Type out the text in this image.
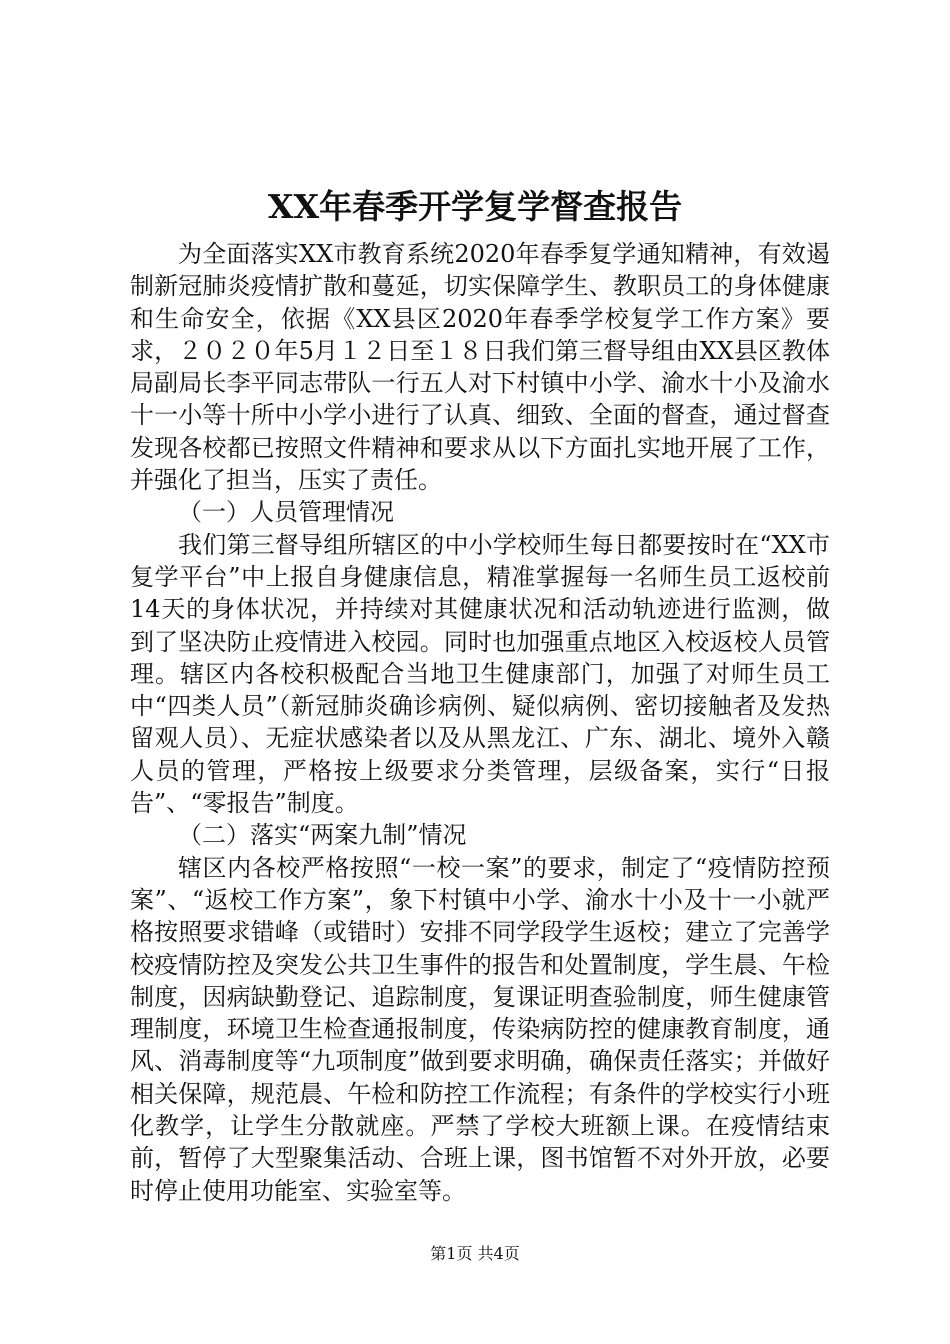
XX年春季开学复学督查报告

为全面落实XX市教育系统2020年春季复学通知精神，有效遏制新冠肺炎疫情扩散和蔓延，切实保障学生、教职员工的身体健康和生命安全，依据《XX县区2020年春季学校复学工作方案》要求，２０２０年5月１２日至１８日我们第三督导组由XX县区教体局副局长李平同志带队一行五人对下村镇中小学、渝水十小及渝水十一小等十所中小学小进行了认真、细致、全面的督查，通过督查发现各校都已按照文件精神和要求从以下方面扎实地开展了工作，并强化了担当，压实了责任。

（一）人员管理情况

我们第三督导组所辖区的中小学校师生每日都要按时在“XX市复学平台”中上报自身健康信息，精准掌握每一名师生员工返校前14天的身体状况，并持续对其健康状况和活动轨迹进行监测，做到了坚决防止疫情进入校园。同时也加强重点地区入校返校人员管理。辖区内各校积极配合当地卫生健康部门，加强了对师生员工中“四类人员”（新冠肺炎确诊病例、疑似病例、密切接触者及发热留观人员）、无症状感染者以及从黑龙江、广东、湖北、境外入赣人员的管理，严格按上级要求分类管理，层级备案，实行“日报告”、“零报告”制度。

（二）落实“两案九制”情况

辖区内各校严格按照“一校一案”的要求，制定了“疫情防控预案”、“返校工作方案”，象下村镇中小学、渝水十小及十一小就严格按照要求错峰（或错时）安排不同学段学生返校；建立了完善学校疫情防控及突发公共卫生事件的报告和处置制度，学生晨、午检制度，因病缺勤登记、追踪制度，复课证明查验制度，师生健康管理制度，环境卫生检查通报制度，传染病防控的健康教育制度，通风、消毒制度等“九项制度”做到要求明确，确保责任落实；并做好相关保障，规范晨、午检和防控工作流程；有条件的学校实行小班化教学，让学生分散就座。严禁了学校大班额上课。在疫情结束前，暂停了大型聚集活动、合班上课，图书馆暂不对外开放，必要时停止使用功能室、实验室等。

第1页 共4页
